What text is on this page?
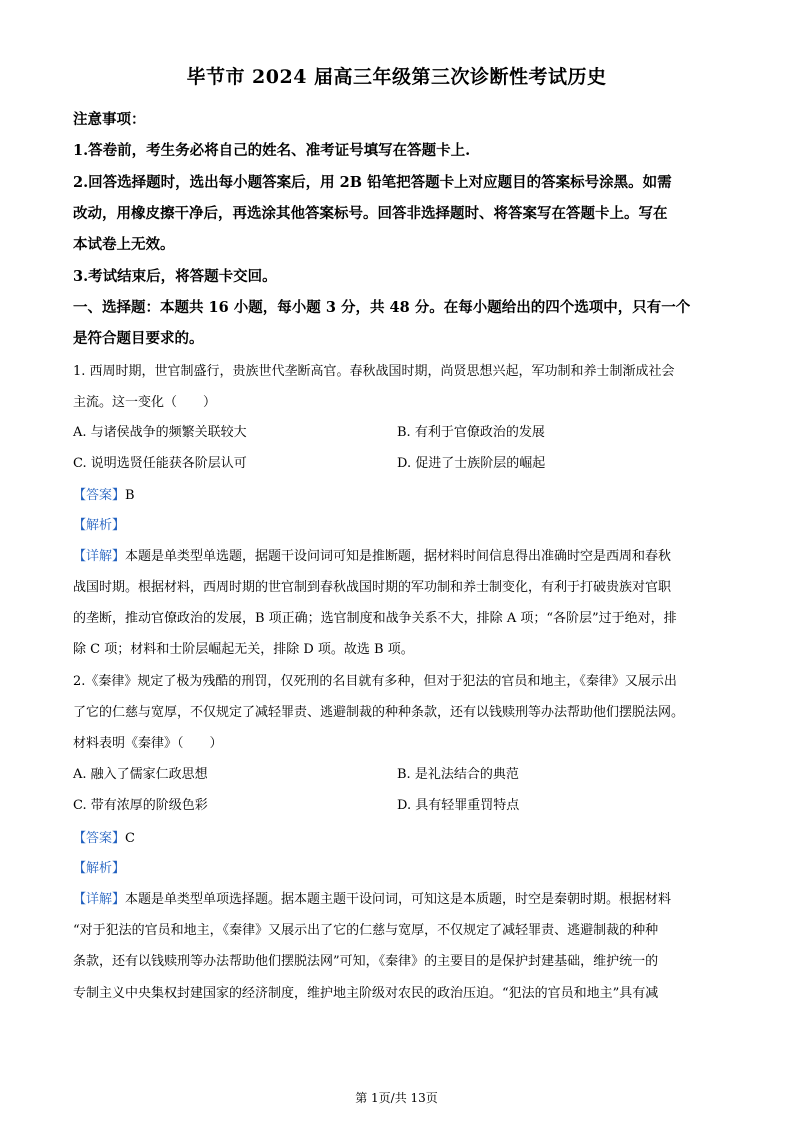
毕节市 2024 届高三年级第三次诊断性考试历史
注意事项：
1.答卷前，考生务必将自己的姓名、准考证号填写在答题卡上.
2.回答选择题时，选出每小题答案后，用 2B 铅笔把答题卡上对应题目的答案标号涂黑。如需
改动，用橡皮擦干净后，再选涂其他答案标号。回答非选择题时、将答案写在答题卡上。写在
本试卷上无效。
3.考试结束后，将答题卡交回。
一、选择题：本题共 16 小题，每小题 3 分，共 48 分。在每小题给出的四个选项中，只有一个
是符合题目要求的。
1. 西周时期，世官制盛行，贵族世代垄断高官。春秋战国时期，尚贤思想兴起，军功制和养士制渐成社会
主流。这一变化（　　）
A. 与诸侯战争的频繁关联较大	B. 有利于官僚政治的发展
C. 说明选贤任能获各阶层认可	D. 促进了士族阶层的崛起
【答案】B
【解析】
【详解】本题是单类型单选题，据题干设问词可知是推断题，据材料时间信息得出准确时空是西周和春秋
战国时期。根据材料，西周时期的世官制到春秋战国时期的军功制和养士制变化，有利于打破贵族对官职
的垄断，推动官僚政治的发展，B 项正确；选官制度和战争关系不大，排除 A 项；“各阶层”过于绝对，排
除 C 项；材料和士阶层崛起无关，排除 D 项。故选 B 项。
2.《秦律》规定了极为残酷的刑罚，仅死刑的名目就有多种，但对于犯法的官员和地主，《秦律》又展示出
了它的仁慈与宽厚，不仅规定了减轻罪责、逃避制裁的种种条款，还有以钱赎刑等办法帮助他们摆脱法网。
材料表明《秦律》（　　）
A. 融入了儒家仁政思想	B. 是礼法结合的典范
C. 带有浓厚的阶级色彩	D. 具有轻罪重罚特点
【答案】C
【解析】
【详解】本题是单类型单项选择题。据本题主题干设问词，可知这是本质题，时空是秦朝时期。根据材料
“对于犯法的官员和地主，《秦律》又展示出了它的仁慈与宽厚，不仅规定了减轻罪责、逃避制裁的种种
条款，还有以钱赎刑等办法帮助他们摆脱法网”可知，《秦律》的主要目的是保护封建基础，维护统一的
专制主义中央集权封建国家的经济制度，维护地主阶级对农民的政治压迫。“犯法的官员和地主”具有减
第 1页/共 13页
